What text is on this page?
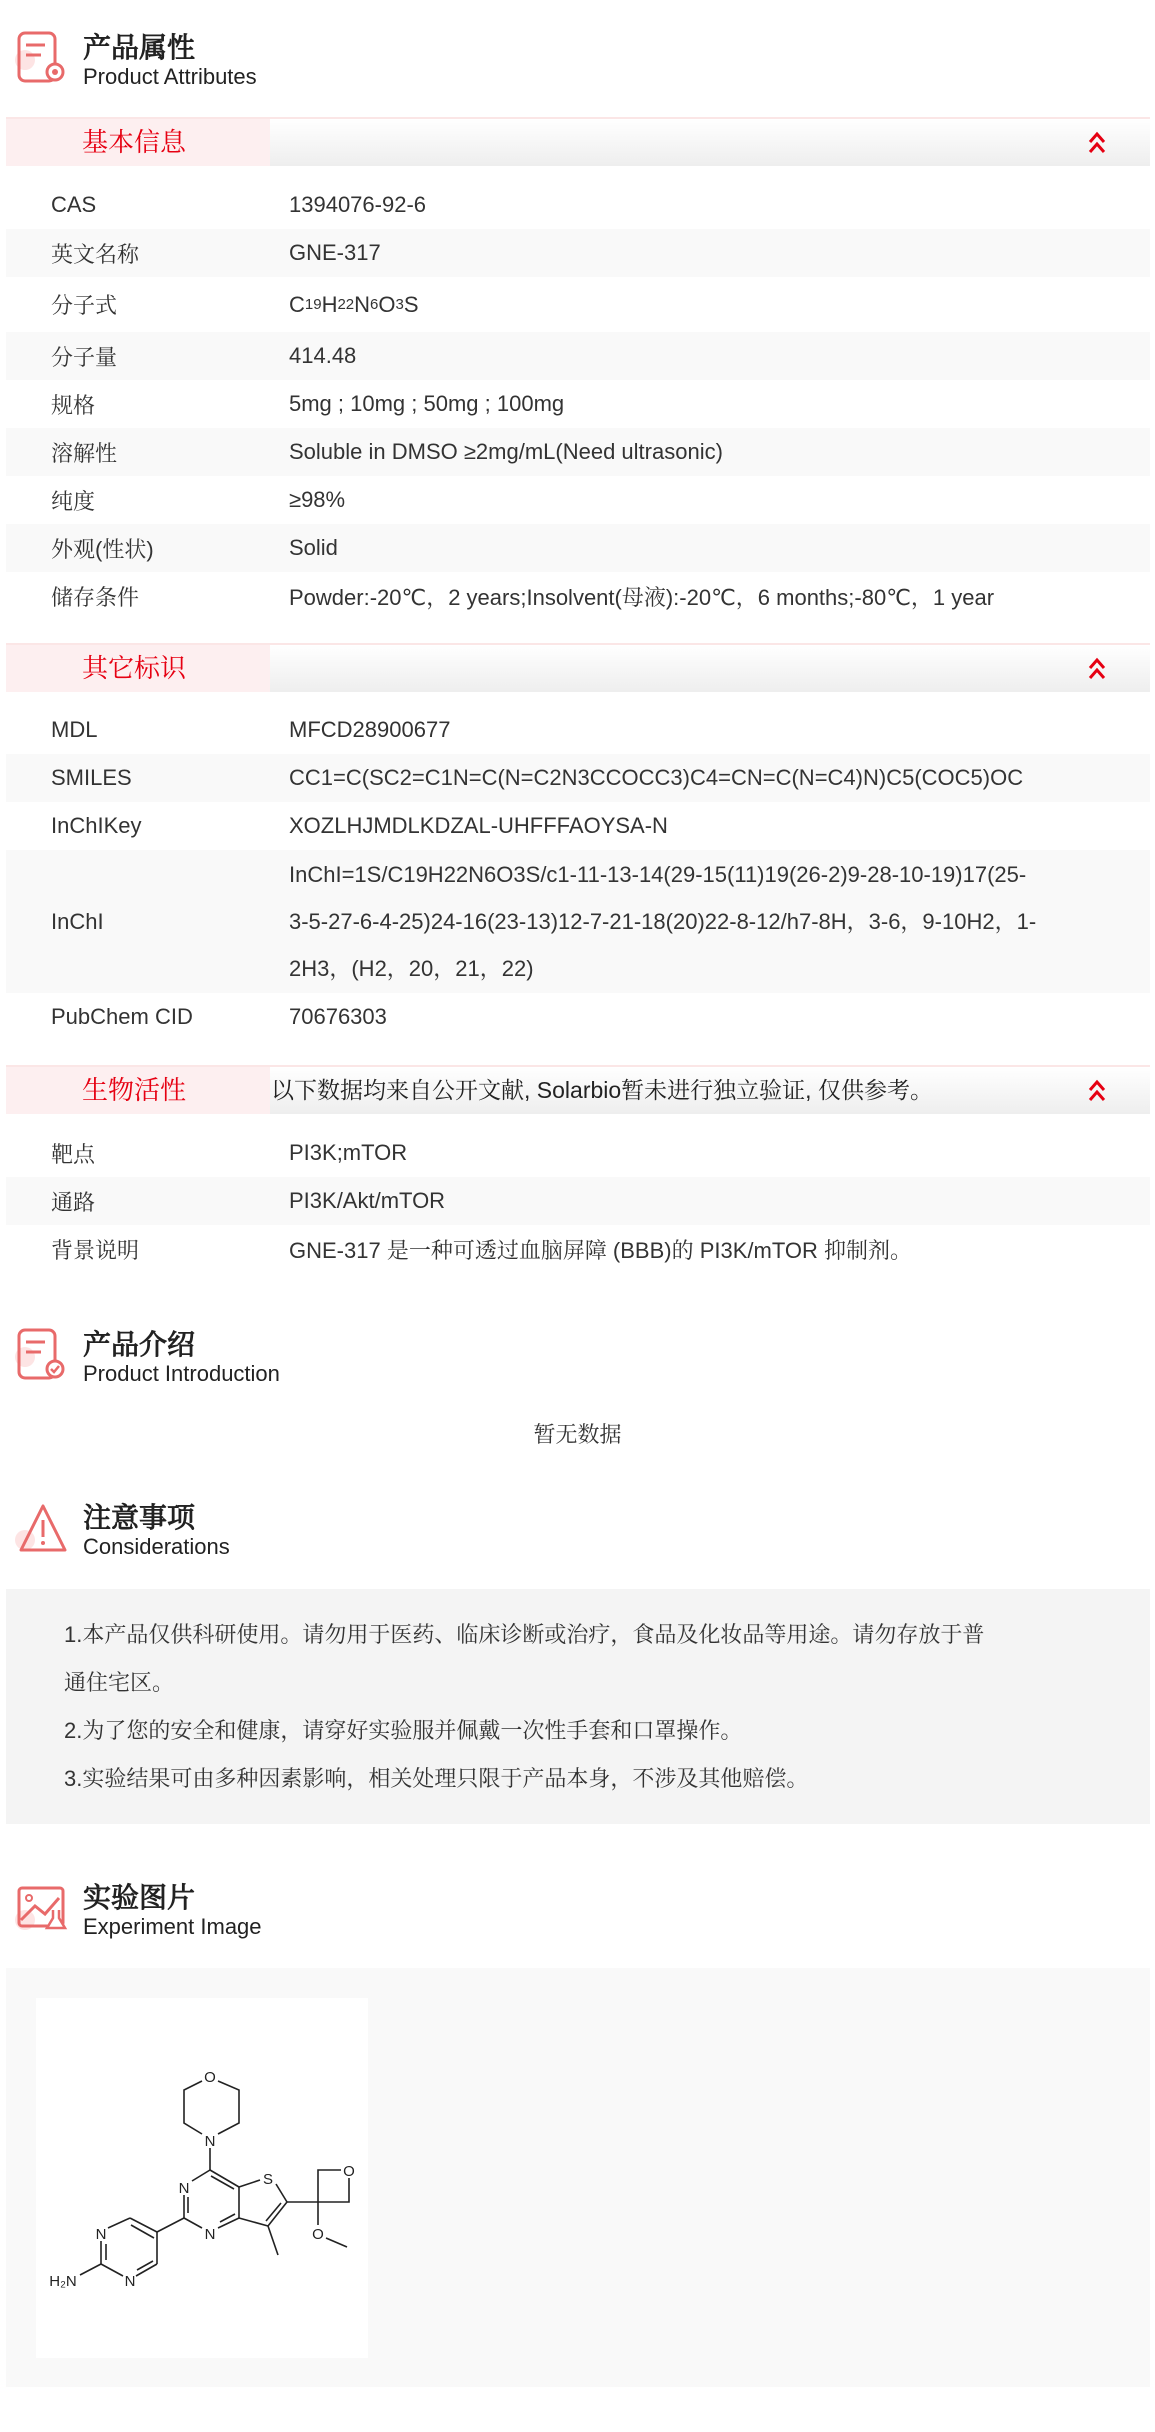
产品属性
Product Attributes
基本信息
CAS	1394076-92-6
英文名称	GNE-317
分子式	C 19 H 22 N 6 O 3 S
分子量	414.48
规格	5mg ; 10mg ; 50mg ; 100mg
溶解性	Soluble in DMSO ≥2mg/mL(Need ultrasonic)
纯度	≥98%
外观(性状)	Solid
储存条件	Powder:-20℃，2 years;Insolvent(母液):-20℃，6 months;-80℃，1 year
其它标识
MDL	MFCD28900677
SMILES	CC1=C(SC2=C1N=C(N=C2N3CCOCC3)C4=CN=C(N=C4)N)C5(COC5)OC
InChIKey	XOZLHJMDLKDZAL-UHFFFAOYSA-N
InChI
InChI=1S/C19H22N6O3S/c1-11-13-14(29-15(11)19(26-2)9-28-10-19)17(25-
3-5-27-6-4-25)24-16(23-13)12-7-21-18(20)22-8-12/h7-8H，3-6，9-10H2，1-
2H3，(H2，20，21，22)
PubChem CID	70676303
生物活性	以下数据均来自公开文献, Solarbio暂未进行独立验证, 仅供参考。
靶点	PI3K;mTOR
通路	PI3K/Akt/mTOR
背景说明	GNE-317 是一种可透过血脑屏障 (BBB)的 PI3K/mTOR 抑制剂。
产品介绍
Product Introduction
暂无数据
注意事项
Considerations
1.本产品仅供科研使用。请勿用于医药、临床诊断或治疗，食品及化妆品等用途。请勿存放于普
通住宅区。
2.为了您的安全和健康，请穿好实验服并佩戴一次性手套和口罩操作。
3.实验结果可由多种因素影响，相关处理只限于产品本身，不涉及其他赔偿。
实验图片
Experiment Image
O
N
N
N
S	O
O
N
N
H₂N
